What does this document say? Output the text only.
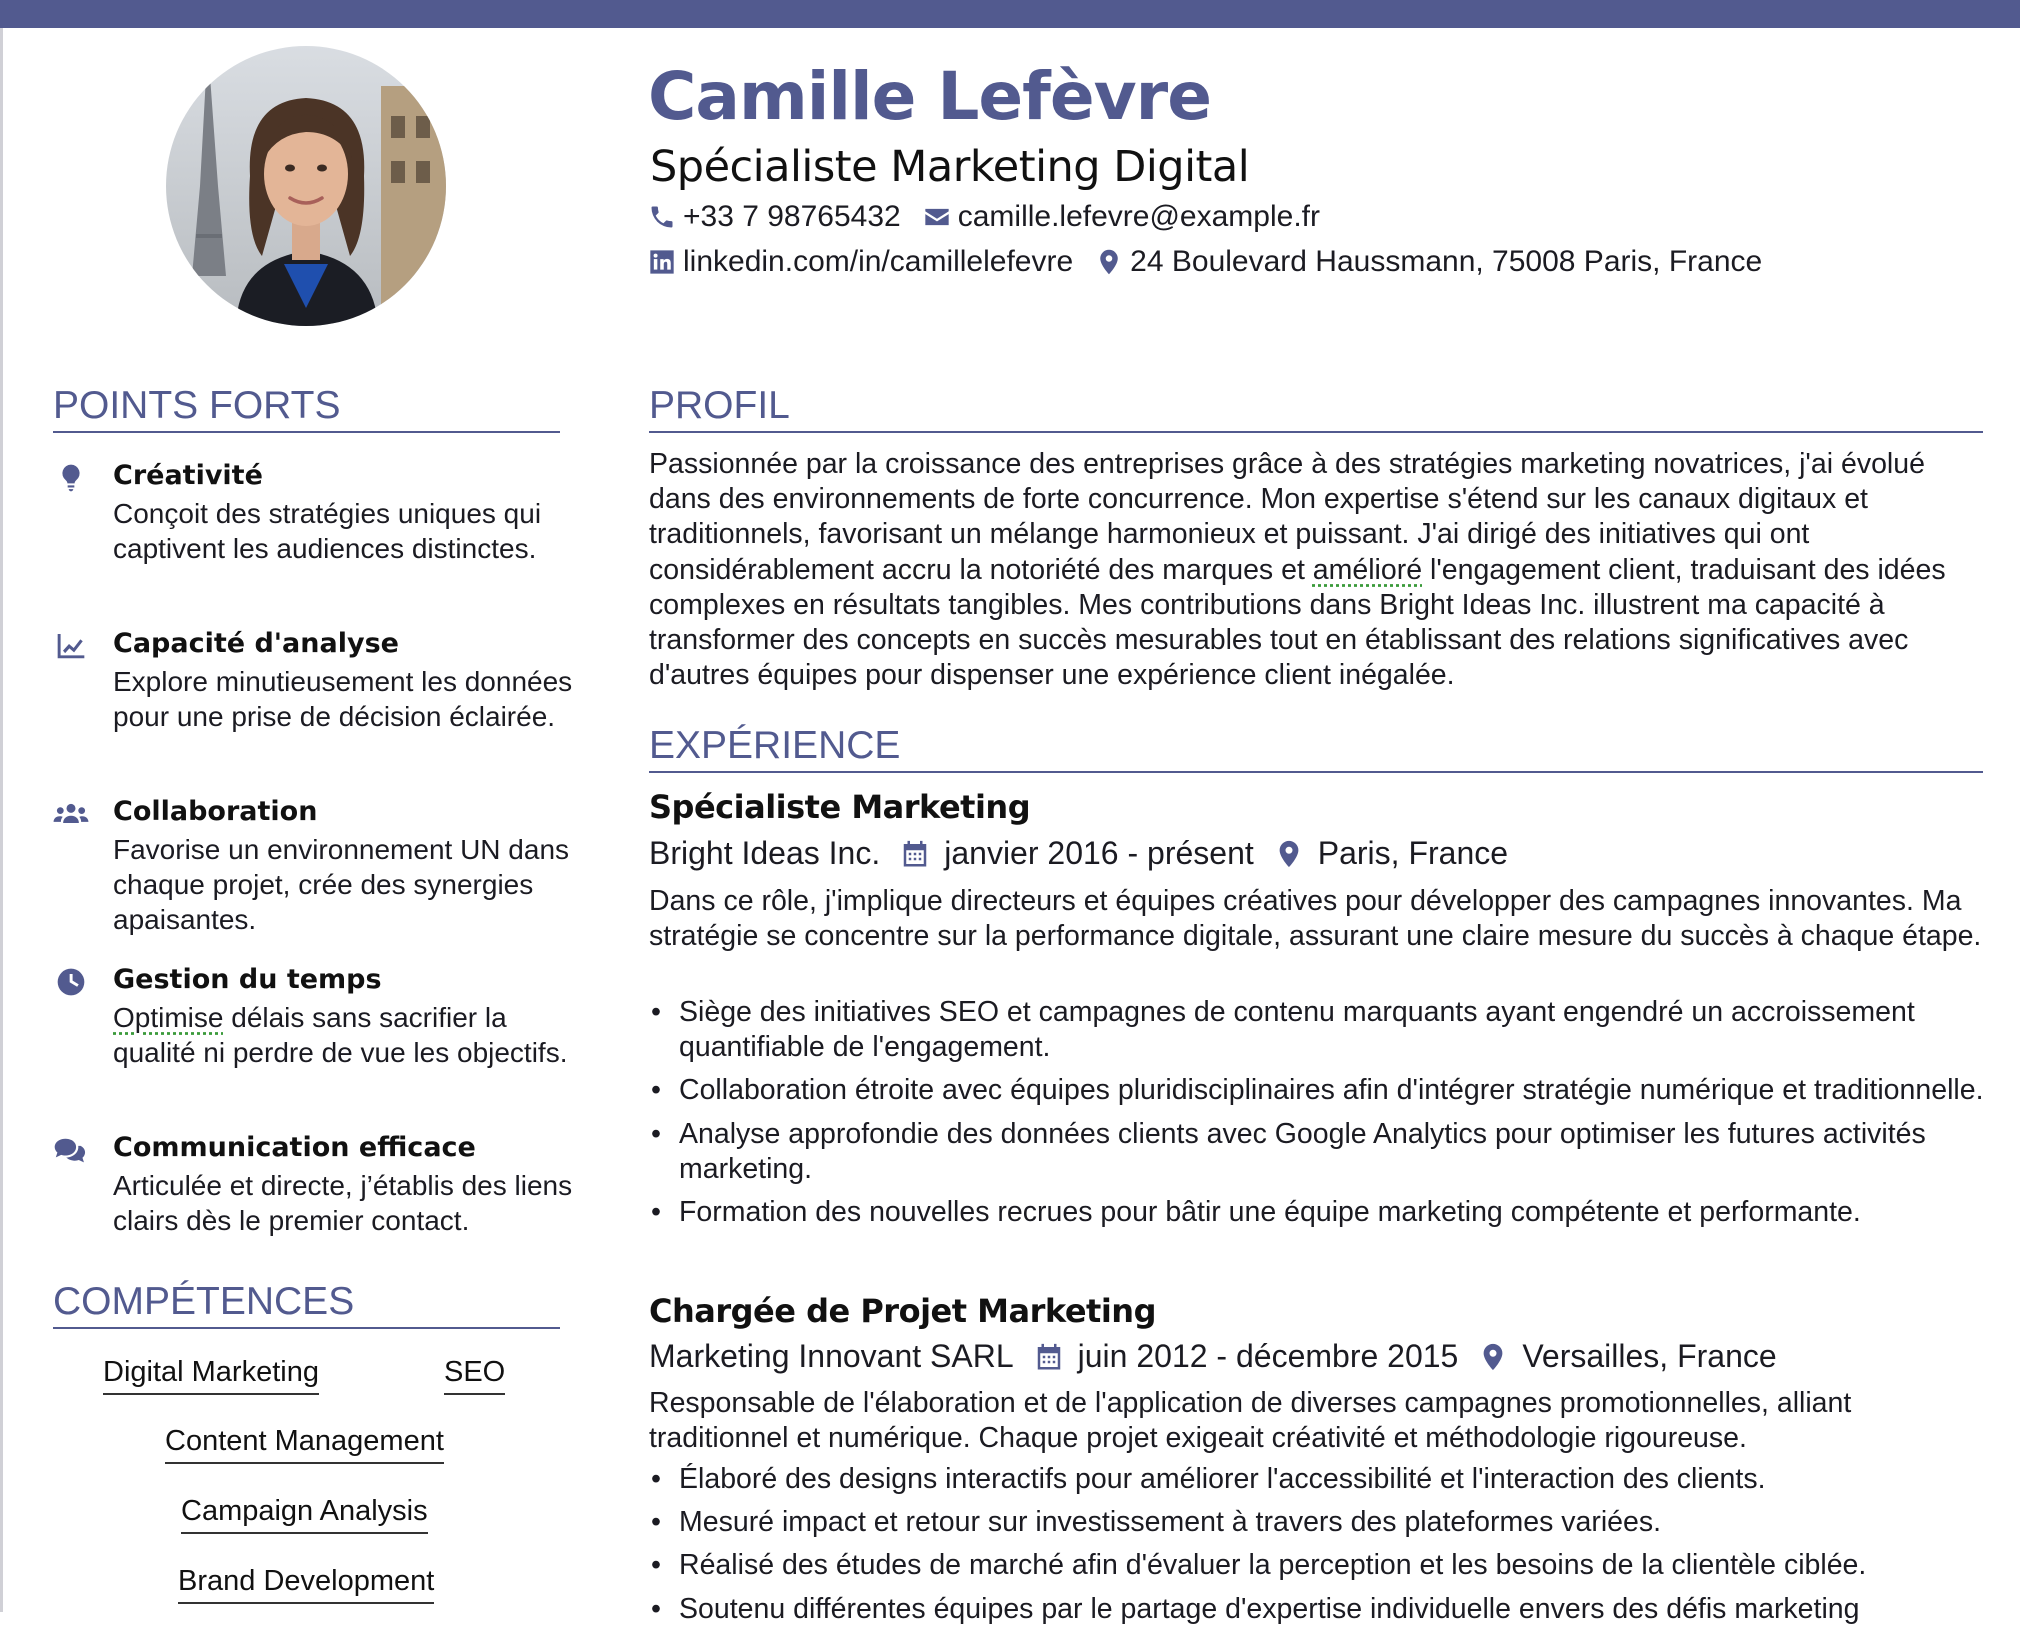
Camille Lefèvre
Spécialiste Marketing Digital
+33 7 98765432 camille.lefevre@example.fr
linkedin.com/in/camillelefevre 24 Boulevard Haussmann, 75008 Paris, France
POINTS FORTS
Créativité
Conçoit des stratégies uniques qui captivent les audiences distinctes.
Capacité d'analyse
Explore minutieusement les données pour une prise de décision éclairée.
Collaboration
Favorise un environnement UN dans chaque projet, crée des synergies apaisantes.
Gestion du temps
Optimise délais sans sacrifier la qualité ni perdre de vue les objectifs.
Communication efficace
Articulée et directe, j’établis des liens clairs dès le premier contact.
COMPÉTENCES
Digital Marketing	SEO
Content Management
Campaign Analysis
Brand Development
PROFIL
Passionnée par la croissance des entreprises grâce à des stratégies marketing novatrices, j'ai évolué dans des environnements de forte concurrence. Mon expertise s'étend sur les canaux digitaux et traditionnels, favorisant un mélange harmonieux et puissant. J'ai dirigé des initiatives qui ont considérablement accru la notoriété des marques et amélioré l'engagement client, traduisant des idées complexes en résultats tangibles. Mes contributions dans Bright Ideas Inc. illustrent ma capacité à transformer des concepts en succès mesurables tout en établissant des relations significatives avec d'autres équipes pour dispenser une expérience client inégalée.
EXPÉRIENCE
Spécialiste Marketing
Bright Ideas Inc. janvier 2016 - présent Paris, France
Dans ce rôle, j'implique directeurs et équipes créatives pour développer des campagnes innovantes. Ma stratégie se concentre sur la performance digitale, assurant une claire mesure du succès à chaque étape.
• Siège des initiatives SEO et campagnes de contenu marquants ayant engendré un accroissement quantifiable de l'engagement.
• Collaboration étroite avec équipes pluridisciplinaires afin d'intégrer stratégie numérique et traditionnelle.
• Analyse approfondie des données clients avec Google Analytics pour optimiser les futures activités marketing.
• Formation des nouvelles recrues pour bâtir une équipe marketing compétente et performante.
Chargée de Projet Marketing
Marketing Innovant SARL juin 2012 - décembre 2015 Versailles, France
Responsable de l'élaboration et de l'application de diverses campagnes promotionnelles, alliant traditionnel et numérique. Chaque projet exigeait créativité et méthodologie rigoureuse.
• Élaboré des designs interactifs pour améliorer l'accessibilité et l'interaction des clients.
• Mesuré impact et retour sur investissement à travers des plateformes variées.
• Réalisé des études de marché afin d'évaluer la perception et les besoins de la clientèle ciblée.
• Soutenu différentes équipes par le partage d'expertise individuelle envers des défis marketing
